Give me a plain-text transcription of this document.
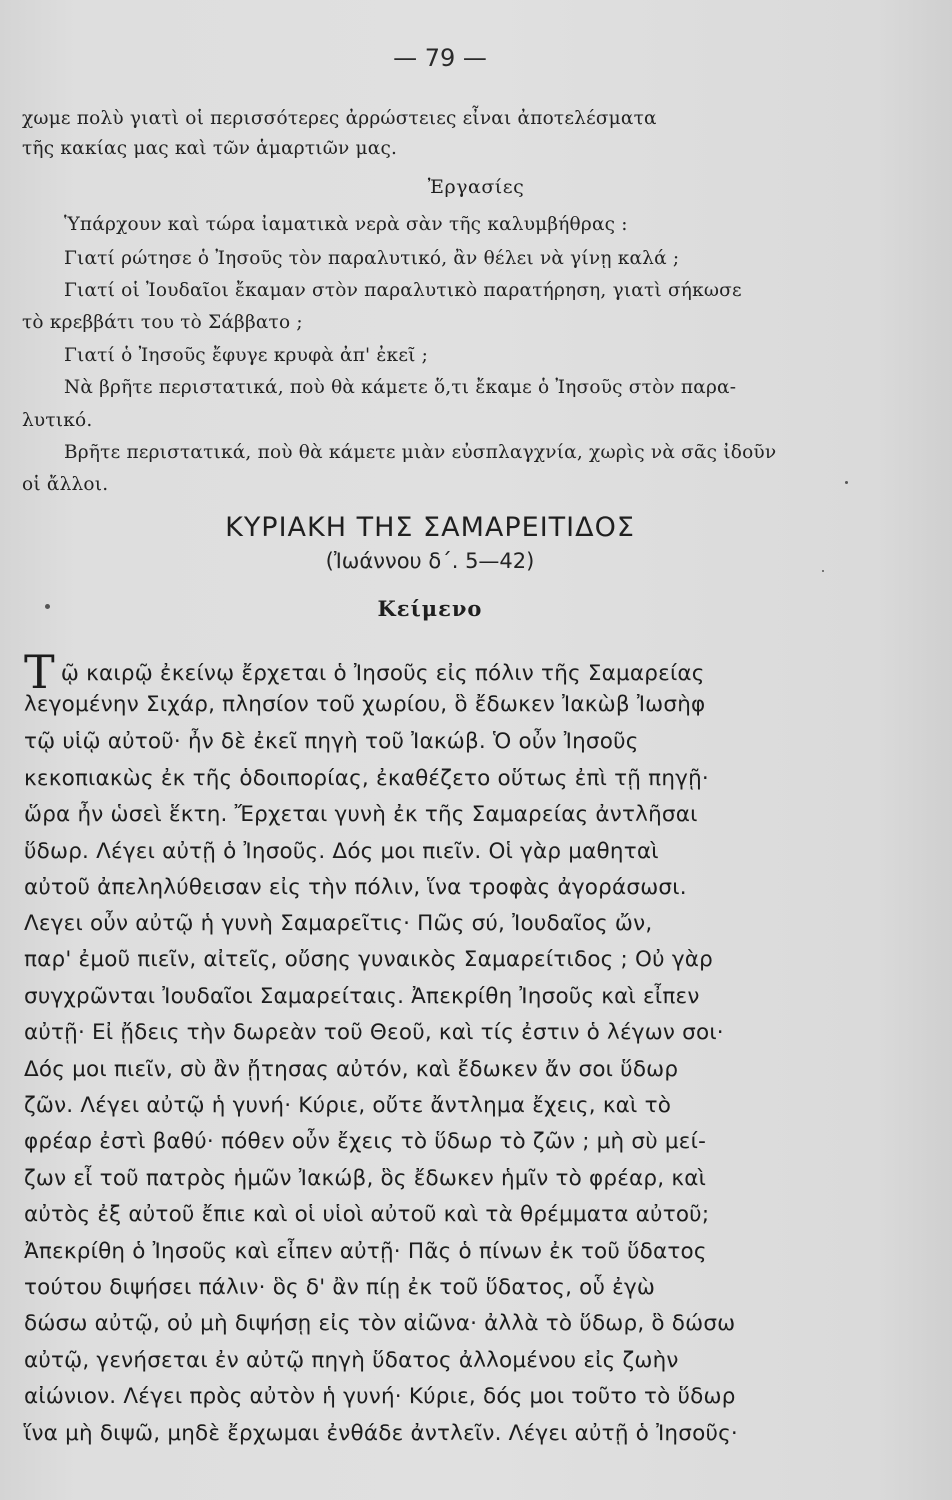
— 79 —
χωμε πολὺ γιατὶ οἱ περισσότερες ἀρρώστειες εἶναι ἀποτελέσματα
τῆς κακίας μας καὶ τῶν ἁμαρτιῶν μας.
Ἐργασίες
Ὑπάρχουν καὶ τώρα ἰαματικὰ νερὰ σὰν τῆς καλυμβήθρας :
Γιατί ρώτησε ὁ Ἰησοῦς τὸν παραλυτικό, ἂν θέλει νὰ γίνῃ καλά ;
Γιατί οἱ Ἰουδαῖοι ἔκαμαν στὸν παραλυτικὸ παρατήρηση, γιατὶ σήκωσε
τὸ κρεββάτι του τὸ Σάββατο ;
Γιατί ὁ Ἰησοῦς ἔφυγε κρυφὰ ἀπ' ἐκεῖ ;
Νὰ βρῆτε περιστατικά, ποὺ θὰ κάμετε ὅ,τι ἔκαμε ὁ Ἰησοῦς στὸν παρα-
λυτικό.
Βρῆτε περιστατικά, ποὺ θὰ κάμετε μιὰν εὐσπλαγχνία, χωρὶς νὰ σᾶς ἰδοῦν
οἱ ἄλλοι.
ΚΥΡΙΑΚΗ ΤΗΣ ΣΑΜΑΡΕΙΤΙΔΟΣ
(Ἰωάννου δ΄. 5—42)
Κείμενο
Τῷ καιρῷ ἐκείνῳ ἔρχεται ὁ Ἰησοῦς εἰς πόλιν τῆς Σαμαρείας
λεγομένην Σιχάρ, πλησίον τοῦ χωρίου, ὃ ἔδωκεν Ἰακὼβ Ἰωσὴφ
τῷ υἱῷ αὐτοῦ· ἦν δὲ ἐκεῖ πηγὴ τοῦ Ἰακώβ. Ὁ οὖν Ἰησοῦς
κεκοπιακὼς ἐκ τῆς ὁδοιπορίας, ἐκαθέζετο οὕτως ἐπὶ τῇ πηγῇ·
ὥρα ἦν ὡσεὶ ἕκτη. Ἔρχεται γυνὴ ἐκ τῆς Σαμαρείας ἀντλῆσαι
ὕδωρ. Λέγει αὐτῇ ὁ Ἰησοῦς. Δός μοι πιεῖν. Οἱ γὰρ μαθηταὶ
αὐτοῦ ἀπεληλύθεισαν εἰς τὴν πόλιν, ἵνα τροφὰς ἀγοράσωσι.
Λεγει οὖν αὐτῷ ἡ γυνὴ Σαμαρεῖτις· Πῶς σύ, Ἰουδαῖος ὤν,
παρ' ἐμοῦ πιεῖν, αἰτεῖς, οὔσης γυναικὸς Σαμαρείτιδος ; Οὐ γὰρ
συγχρῶνται Ἰουδαῖοι Σαμαρείταις. Ἀπεκρίθη Ἰησοῦς καὶ εἶπεν
αὐτῇ· Εἰ ᾔδεις τὴν δωρεὰν τοῦ Θεοῦ, καὶ τίς ἐστιν ὁ λέγων σοι·
Δός μοι πιεῖν, σὺ ἂν ᾔτησας αὐτόν, καὶ ἔδωκεν ἄν σοι ὕδωρ
ζῶν. Λέγει αὐτῷ ἡ γυνή· Κύριε, οὔτε ἄντλημα ἔχεις, καὶ τὸ
φρέαρ ἐστὶ βαθύ· πόθεν οὖν ἔχεις τὸ ὕδωρ τὸ ζῶν ; μὴ σὺ μεί-
ζων εἶ τοῦ πατρὸς ἡμῶν Ἰακώβ, ὃς ἔδωκεν ἡμῖν τὸ φρέαρ, καὶ
αὐτὸς ἐξ αὐτοῦ ἔπιε καὶ οἱ υἱοὶ αὐτοῦ καὶ τὰ θρέμματα αὐτοῦ;
Ἀπεκρίθη ὁ Ἰησοῦς καὶ εἶπεν αὐτῇ· Πᾶς ὁ πίνων ἐκ τοῦ ὕδατος
τούτου διψήσει πάλιν· ὃς δ' ἂν πίῃ ἐκ τοῦ ὕδατος, οὗ ἐγὼ
δώσω αὐτῷ, οὐ μὴ διψήσῃ εἰς τὸν αἰῶνα· ἀλλὰ τὸ ὕδωρ, ὃ δώσω
αὐτῷ, γενήσεται ἐν αὐτῷ πηγὴ ὕδατος ἀλλομένου εἰς ζωὴν
αἰώνιον. Λέγει πρὸς αὐτὸν ἡ γυνή· Κύριε, δός μοι τοῦτο τὸ ὕδωρ
ἵνα μὴ διψῶ, μηδὲ ἔρχωμαι ἐνθάδε ἀντλεῖν. Λέγει αὐτῇ ὁ Ἰησοῦς·
